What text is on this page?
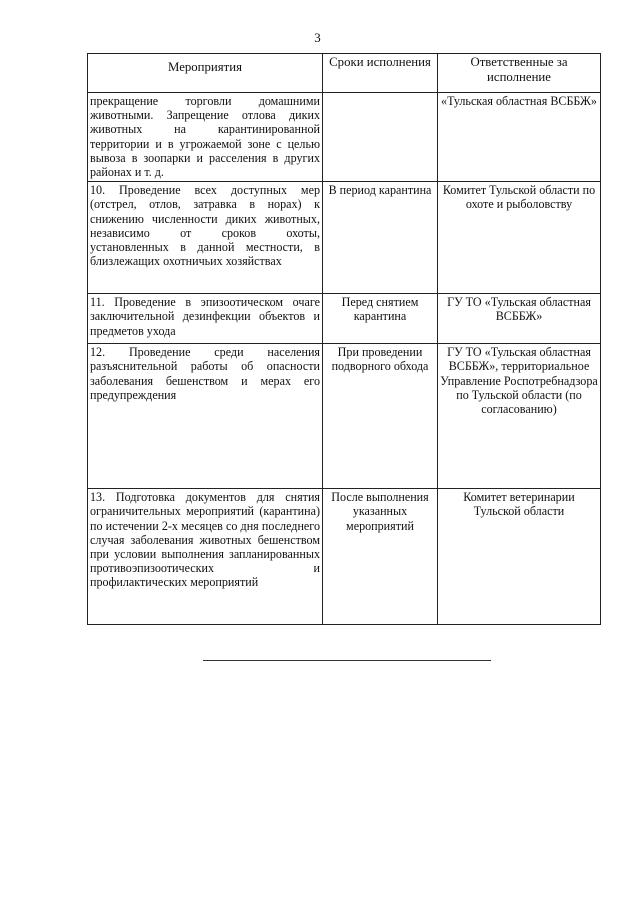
3
Мероприятия	Сроки исполнения	Ответственные за исполнение
прекращение торговли домашними животными. Запрещение отлова диких животных на карантинированной территории и в угрожаемой зоне с целью вывоза в зоопарки и расселения в других районах и т. д.		«Тульская областная ВСББЖ»
10. Проведение всех доступных мер (отстрел, отлов, затравка в норах) к снижению численности диких животных, независимо от сроков охоты, установленных в данной местности, в близлежащих охотничьих хозяйствах	В период карантина	Комитет Тульской области по охоте и рыболовству
11. Проведение в эпизоотическом очаге заключительной дезинфекции объектов и предметов ухода	Перед снятием карантина	ГУ ТО «Тульская областная ВСББЖ»
12. Проведение среди населения разъяснительной работы об опасности заболевания бешенством и мерах его предупреждения	При проведении подворного обхода	ГУ ТО «Тульская областная ВСББЖ», территориальное Управление Роспотребнадзора по Тульской области (по согласованию)
13. Подготовка документов для снятия ограничительных мероприятий (карантина) по истечении 2-х месяцев со дня последнего случая заболевания животных бешенством при условии выполнения запланированных противоэпизоотических и профилактических мероприятий	После выполнения указанных мероприятий	Комитет ветеринарии Тульской области
